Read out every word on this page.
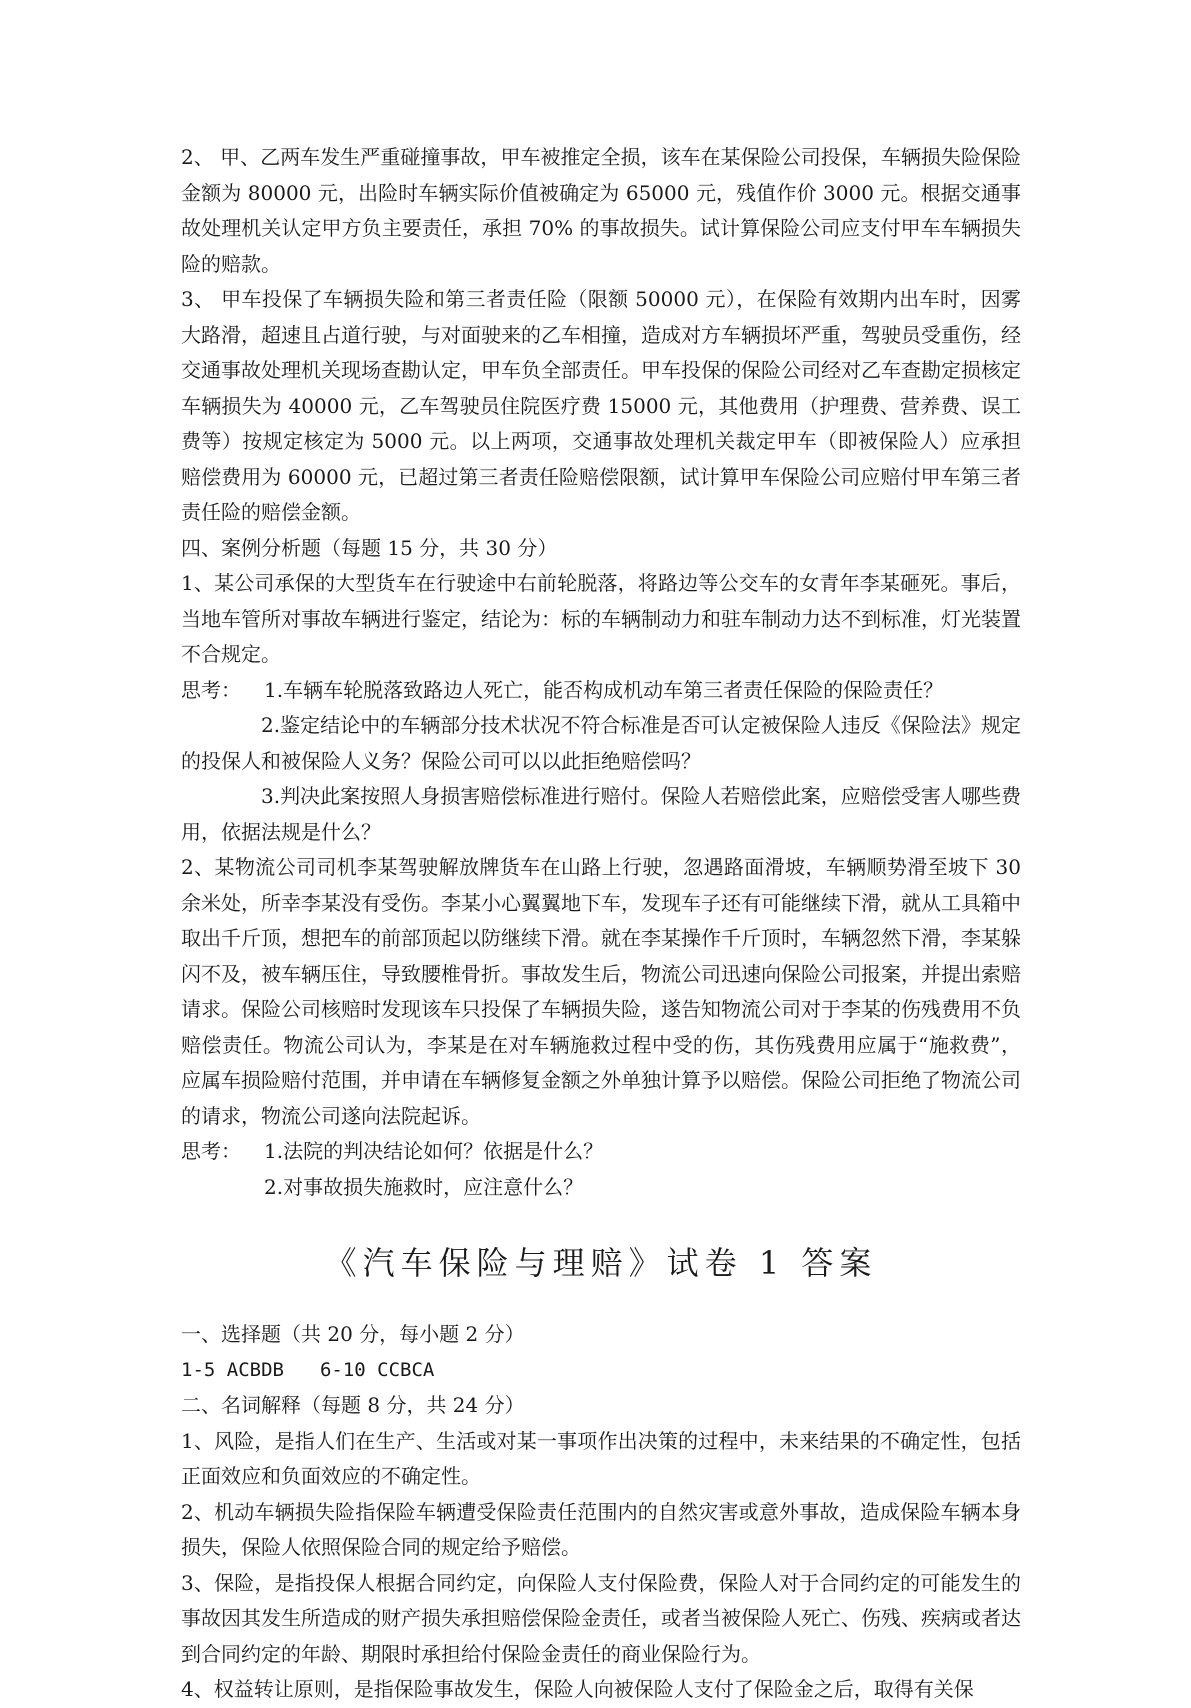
2、 甲、乙两车发生严重碰撞事故，甲车被推定全损，该车在某保险公司投保，车辆损失险保险金额为 80000 元，出险时车辆实际价值被确定为 65000 元，残值作价 3000 元。根据交通事故处理机关认定甲方负主要责任，承担 70% 的事故损失。试计算保险公司应支付甲车车辆损失险的赔款。

3、 甲车投保了车辆损失险和第三者责任险（限额 50000 元），在保险有效期内出车时，因雾大路滑，超速且占道行驶，与对面驶来的乙车相撞，造成对方车辆损坏严重，驾驶员受重伤，经交通事故处理机关现场查勘认定，甲车负全部责任。甲车投保的保险公司经对乙车查勘定损核定车辆损失为 40000 元，乙车驾驶员住院医疗费 15000 元，其他费用（护理费、营养费、误工费等）按规定核定为 5000 元。以上两项，交通事故处理机关裁定甲车（即被保险人）应承担赔偿费用为 60000 元，已超过第三者责任险赔偿限额，试计算甲车保险公司应赔付甲车第三者责任险的赔偿金额。

四、案例分析题（每题 15 分，共 30 分）

1、某公司承保的大型货车在行驶途中右前轮脱落，将路边等公交车的女青年李某砸死。事后，当地车管所对事故车辆进行鉴定，结论为：标的车辆制动力和驻车制动力达不到标准，灯光装置不合规定。

思考：	1.车辆车轮脱落致路边人死亡，能否构成机动车第三者责任保险的保险责任？

2.鉴定结论中的车辆部分技术状况不符合标准是否可认定被保险人违反《保险法》规定的投保人和被保险人义务？保险公司可以以此拒绝赔偿吗？

3.判决此案按照人身损害赔偿标准进行赔付。保险人若赔偿此案，应赔偿受害人哪些费用，依据法规是什么？

2、某物流公司司机李某驾驶解放牌货车在山路上行驶，忽遇路面滑坡，车辆顺势滑至坡下 30 余米处，所幸李某没有受伤。李某小心翼翼地下车，发现车子还有可能继续下滑，就从工具箱中取出千斤顶，想把车的前部顶起以防继续下滑。就在李某操作千斤顶时，车辆忽然下滑，李某躲闪不及，被车辆压住，导致腰椎骨折。事故发生后，物流公司迅速向保险公司报案，并提出索赔请求。保险公司核赔时发现该车只投保了车辆损失险，遂告知物流公司对于李某的伤残费用不负赔偿责任。物流公司认为，李某是在对车辆施救过程中受的伤，其伤残费用应属于“施救费”，应属车损险赔付范围，并申请在车辆修复金额之外单独计算予以赔偿。保险公司拒绝了物流公司的请求，物流公司遂向法院起诉。

思考：	1.法院的判决结论如何？依据是什么？

2.对事故损失施救时，应注意什么？

《汽车保险与理赔》试卷 1 答案

一、选择题（共 20 分，每小题 2 分）

1-5 ACBDB 6-10 CCBCA

二、名词解释（每题 8 分，共 24 分）

1、风险，是指人们在生产、生活或对某一事项作出决策的过程中，未来结果的不确定性，包括正面效应和负面效应的不确定性。

2、机动车辆损失险指保险车辆遭受保险责任范围内的自然灾害或意外事故，造成保险车辆本身损失，保险人依照保险合同的规定给予赔偿。

3、保险，是指投保人根据合同约定，向保险人支付保险费，保险人对于合同约定的可能发生的事故因其发生所造成的财产损失承担赔偿保险金责任，或者当被保险人死亡、伤残、疾病或者达到合同约定的年龄、期限时承担给付保险金责任的商业保险行为。

4、权益转让原则，是指保险事故发生，保险人向被保险人支付了保险金之后，取得有关保
